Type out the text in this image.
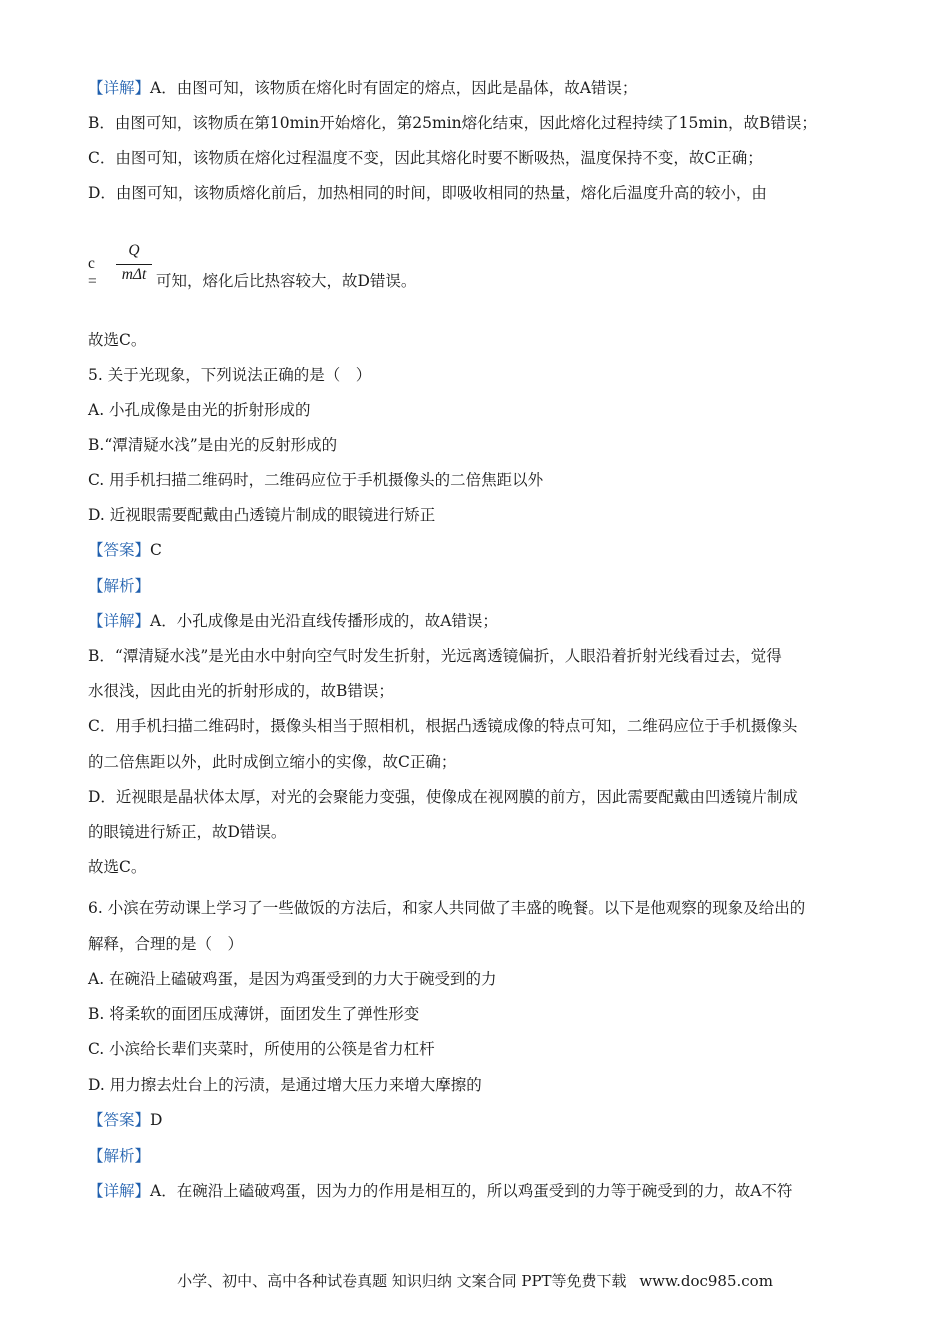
【详解】A．由图可知，该物质在熔化时有固定的熔点，因此是晶体，故A错误；
B．由图可知，该物质在第10min开始熔化，第25min熔化结束，因此熔化过程持续了15min，故B错误；
C．由图可知，该物质在熔化过程温度不变，因此其熔化时要不断吸热，温度保持不变，故C正确；
D．由图可知，该物质熔化前后，加热相同的时间，即吸收相同的热量，熔化后温度升高的较小，由
故选C。
5. 关于光现象，下列说法正确的是（　）
A. 小孔成像是由光的折射形成的
B.“潭清疑水浅”是由光的反射形成的
C. 用手机扫描二维码时，二维码应位于手机摄像头的二倍焦距以外
D. 近视眼需要配戴由凸透镜片制成的眼镜进行矫正
【答案】C
【解析】
【详解】A．小孔成像是由光沿直线传播形成的，故A错误；
B．“潭清疑水浅”是光由水中射向空气时发生折射，光远离透镜偏折，人眼沿着折射光线看过去，觉得
水很浅，因此由光的折射形成的，故B错误；
C．用手机扫描二维码时，摄像头相当于照相机，根据凸透镜成像的特点可知，二维码应位于手机摄像头
的二倍焦距以外，此时成倒立缩小的实像，故C正确；
D．近视眼是晶状体太厚，对光的会聚能力变强，使像成在视网膜的前方，因此需要配戴由凹透镜片制成
的眼镜进行矫正，故D错误。
故选C。
6. 小滨在劳动课上学习了一些做饭的方法后，和家人共同做了丰盛的晚餐。以下是他观察的现象及给出的
解释，合理的是（　）
A. 在碗沿上磕破鸡蛋，是因为鸡蛋受到的力大于碗受到的力
B. 将柔软的面团压成薄饼，面团发生了弹性形变
C. 小滨给长辈们夹菜时，所使用的公筷是省力杠杆
D. 用力擦去灶台上的污渍，是通过增大压力来增大摩擦的
【答案】D
【解析】
【详解】A．在碗沿上磕破鸡蛋，因为力的作用是相互的，所以鸡蛋受到的力等于碗受到的力，故A不符
c =
Q
mΔt 可知，熔化后比热容较大，故D错误。
小学、初中、高中各种试卷真题 知识归纳 文案合同 PPT等免费下载 www.doc985.com
